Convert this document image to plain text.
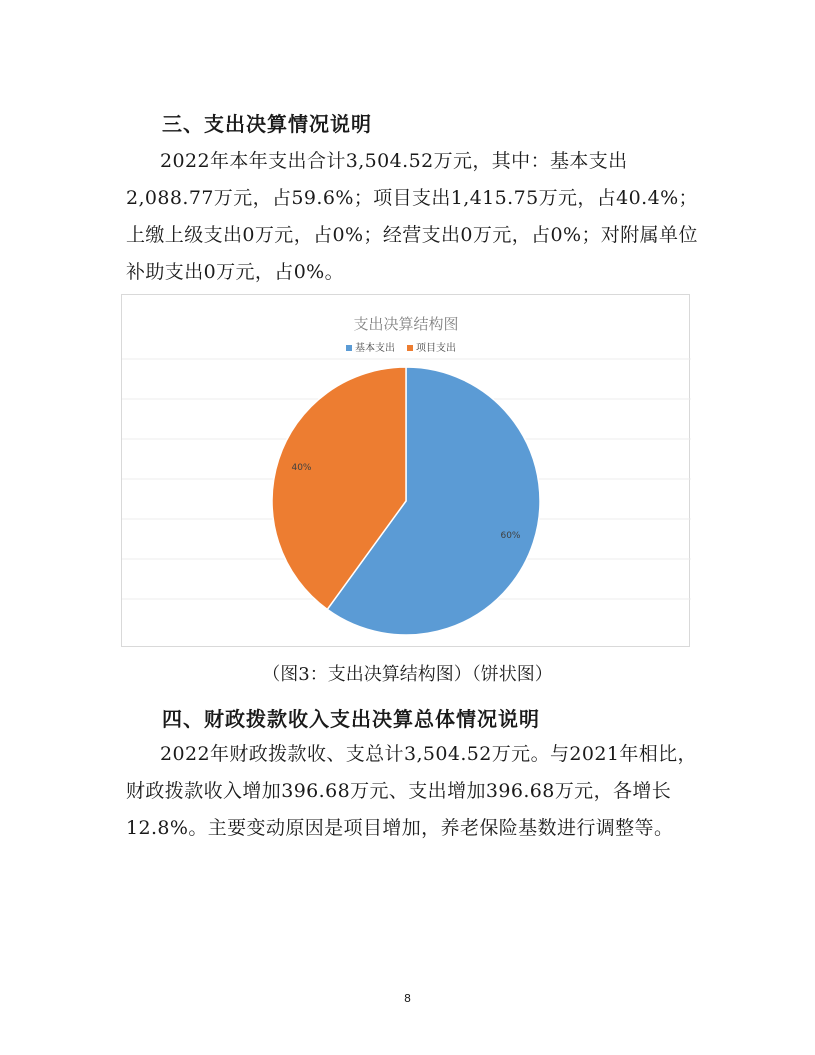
三、支出决算情况说明
2022年本年支出合计3,504.52万元，其中：基本支出2,088.77万元，占59.6%；项目支出1,415.75万元，占40.4%；上缴上级支出0万元，占0%；经营支出0万元，占0%；对附属单位补助支出0万元，占0%。
支出决算结构图
基本支出 项目支出
60%
40%
（图3：支出决算结构图）（饼状图）
四、财政拨款收入支出决算总体情况说明
2022年财政拨款收、支总计3,504.52万元。与2021年相比，财政拨款收入增加396.68万元、支出增加396.68万元，各增长12.8%。主要变动原因是项目增加，养老保险基数进行调整等。
8
